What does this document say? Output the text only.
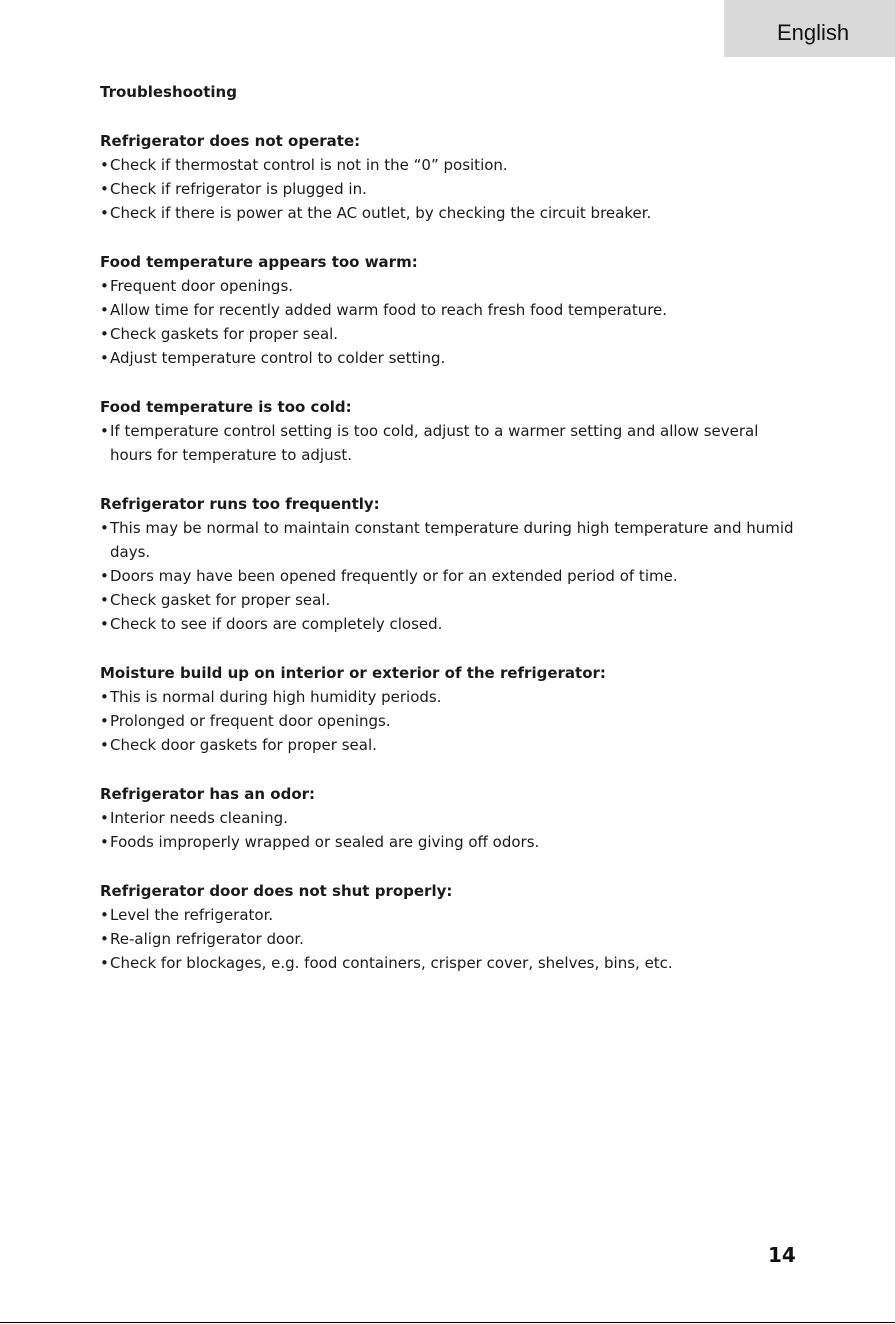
English
Troubleshooting
Refrigerator does not operate:
• Check if thermostat control is not in the “0” position.
• Check if refrigerator is plugged in.
• Check if there is power at the AC outlet, by checking the circuit breaker.
Food temperature appears too warm:
• Frequent door openings.
• Allow time for recently added warm food to reach fresh food temperature.
• Check gaskets for proper seal.
• Adjust temperature control to colder setting.
Food temperature is too cold:
• If temperature control setting is too cold, adjust to a warmer setting and allow several hours for temperature to adjust.
Refrigerator runs too frequently:
• This may be normal to maintain constant temperature during high temperature and humid days.
• Doors may have been opened frequently or for an extended period of time.
• Check gasket for proper seal.
• Check to see if doors are completely closed.
Moisture build up on interior or exterior of the refrigerator:
• This is normal during high humidity periods.
• Prolonged or frequent door openings.
• Check door gaskets for proper seal.
Refrigerator has an odor:
• Interior needs cleaning.
• Foods improperly wrapped or sealed are giving off odors.
Refrigerator door does not shut properly:
• Level the refrigerator.
• Re-align refrigerator door.
• Check for blockages, e.g. food containers, crisper cover, shelves, bins, etc.
14
